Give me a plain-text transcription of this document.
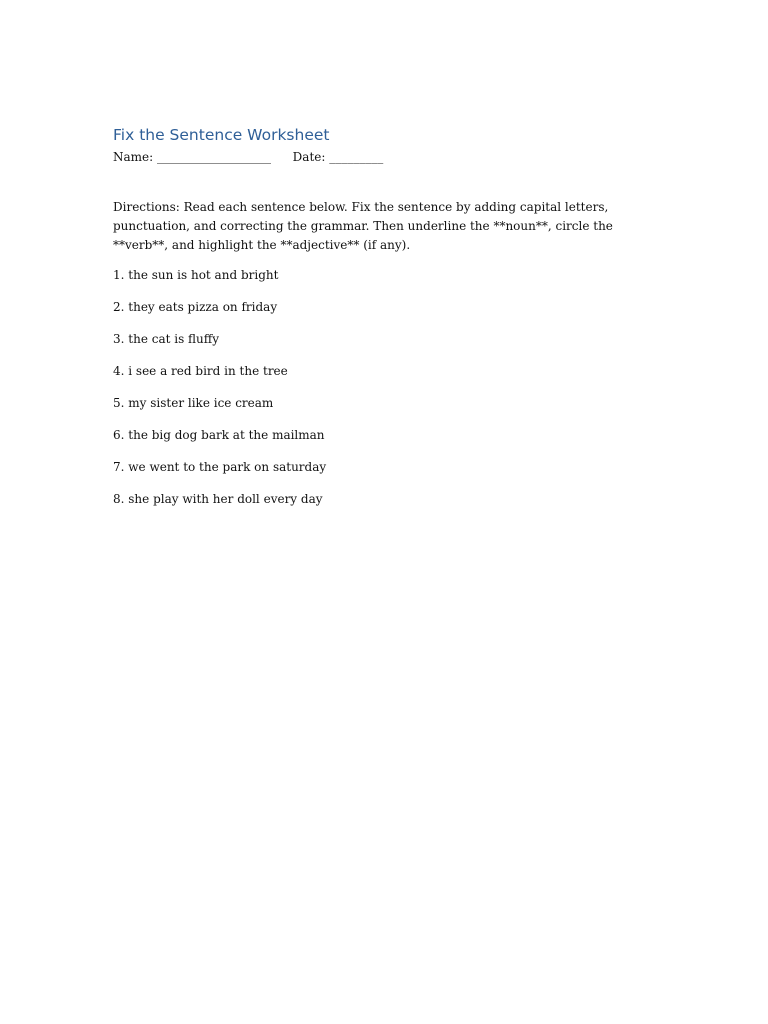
Fix the Sentence Worksheet
Name: ___________________ Date: _________

Directions: Read each sentence below. Fix the sentence by adding capital letters, punctuation, and correcting the grammar. Then underline the **noun**, circle the **verb**, and highlight the **adjective** (if any).

1. the sun is hot and bright
2. they eats pizza on friday
3. the cat is fluffy
4. i see a red bird in the tree
5. my sister like ice cream
6. the big dog bark at the mailman
7. we went to the park on saturday
8. she play with her doll every day
